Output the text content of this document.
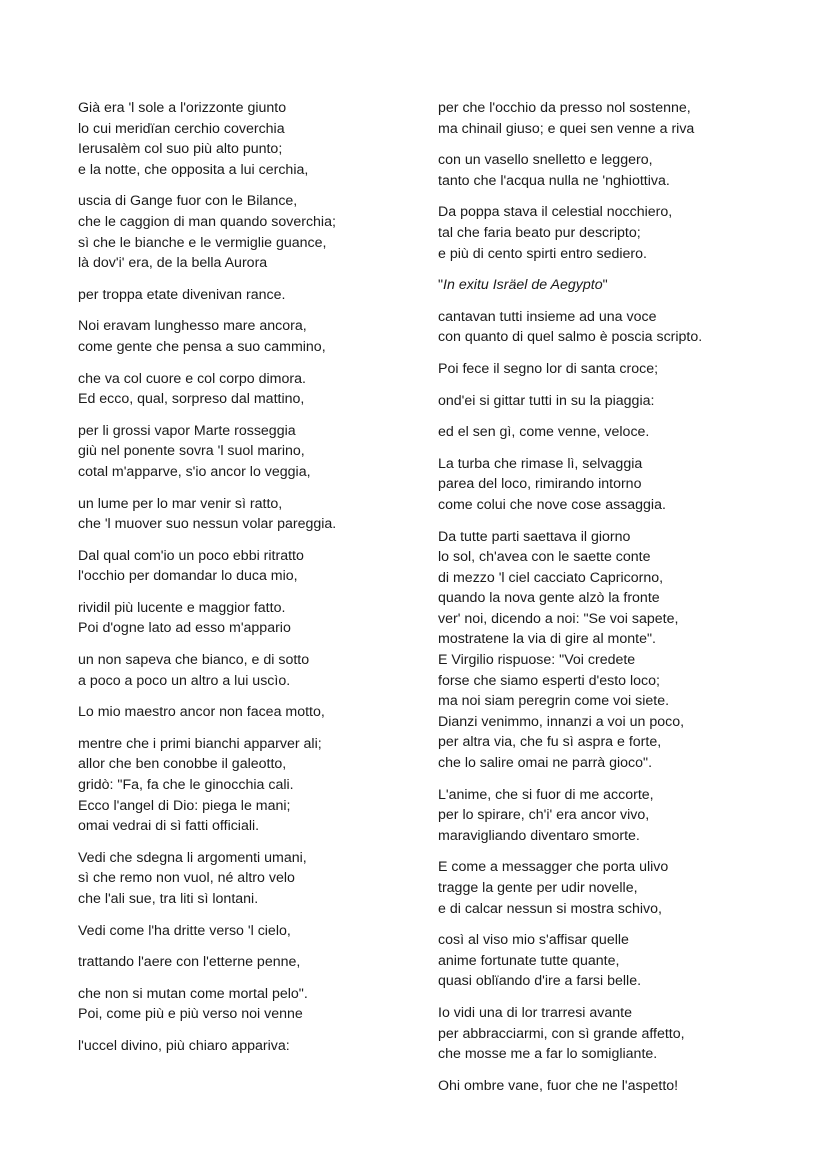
Già era 'l sole a l'orizzonte giunto
lo cui meridïan cerchio coverchia
Ierusalèm col suo più alto punto;
e la notte, che opposita a lui cerchia,
uscia di Gange fuor con le Bilance,
che le caggion di man quando soverchia;
sì che le bianche e le vermiglie guance,
là dov'i' era, de la bella Aurora
per troppa etate divenivan rance.
Noi eravam lunghesso mare ancora,
come gente che pensa a suo cammino,
che va col cuore e col corpo dimora.
Ed ecco, qual, sorpreso dal mattino,
per li grossi vapor Marte rosseggia
giù nel ponente sovra 'l suol marino,
cotal m'apparve, s'io ancor lo veggia,
un lume per lo mar venir sì ratto,
che 'l muover suo nessun volar pareggia.
Dal qual com'io un poco ebbi ritratto
l'occhio per domandar lo duca mio,
rividil più lucente e maggior fatto.
Poi d'ogne lato ad esso m'appario
un non sapeva che bianco, e di sotto
a poco a poco un altro a lui uscìo.
Lo mio maestro ancor non facea motto,
mentre che i primi bianchi apparver ali;
allor che ben conobbe il galeotto,
gridò: "Fa, fa che le ginocchia cali.
Ecco l'angel di Dio: piega le mani;
omai vedrai di sì fatti officiali.
Vedi che sdegna li argomenti umani,
sì che remo non vuol, né altro velo
che l'ali sue, tra liti sì lontani.
Vedi come l'ha dritte verso 'l cielo,
trattando l'aere con l'etterne penne,
che non si mutan come mortal pelo".
Poi, come più e più verso noi venne
l'uccel divino, più chiaro appariva:
per che l'occhio da presso nol sostenne,
ma chinail giuso; e quei sen venne a riva
con un vasello snelletto e leggero,
tanto che l'acqua nulla ne 'nghiottiva.
Da poppa stava il celestial nocchiero,
tal che faria beato pur descripto;
e più di cento spirti entro sediero.
"In exitu Isräel de Aegypto"
cantavan tutti insieme ad una voce
con quanto di quel salmo è poscia scripto.
Poi fece il segno lor di santa croce;
ond'ei si gittar tutti in su la piaggia:
ed el sen gì, come venne, veloce.
La turba che rimase lì, selvaggia
parea del loco, rimirando intorno
come colui che nove cose assaggia.
Da tutte parti saettava il giorno
lo sol, ch'avea con le saette conte
di mezzo 'l ciel cacciato Capricorno,
quando la nova gente alzò la fronte
ver' noi, dicendo a noi: "Se voi sapete,
mostratene la via di gire al monte".
E Virgilio rispuose: "Voi credete
forse che siamo esperti d'esto loco;
ma noi siam peregrin come voi siete.
Dianzi venimmo, innanzi a voi un poco,
per altra via, che fu sì aspra e forte,
che lo salire omai ne parrà gioco".
L'anime, che si fuor di me accorte,
per lo spirare, ch'i' era ancor vivo,
maravigliando diventaro smorte.
E come a messagger che porta ulivo
tragge la gente per udir novelle,
e di calcar nessun si mostra schivo,
così al viso mio s'affisar quelle
anime fortunate tutte quante,
quasi oblïando d'ire a farsi belle.
Io vidi una di lor trarresi avante
per abbracciarmi, con sì grande affetto,
che mosse me a far lo somigliante.
Ohi ombre vane, fuor che ne l'aspetto!
